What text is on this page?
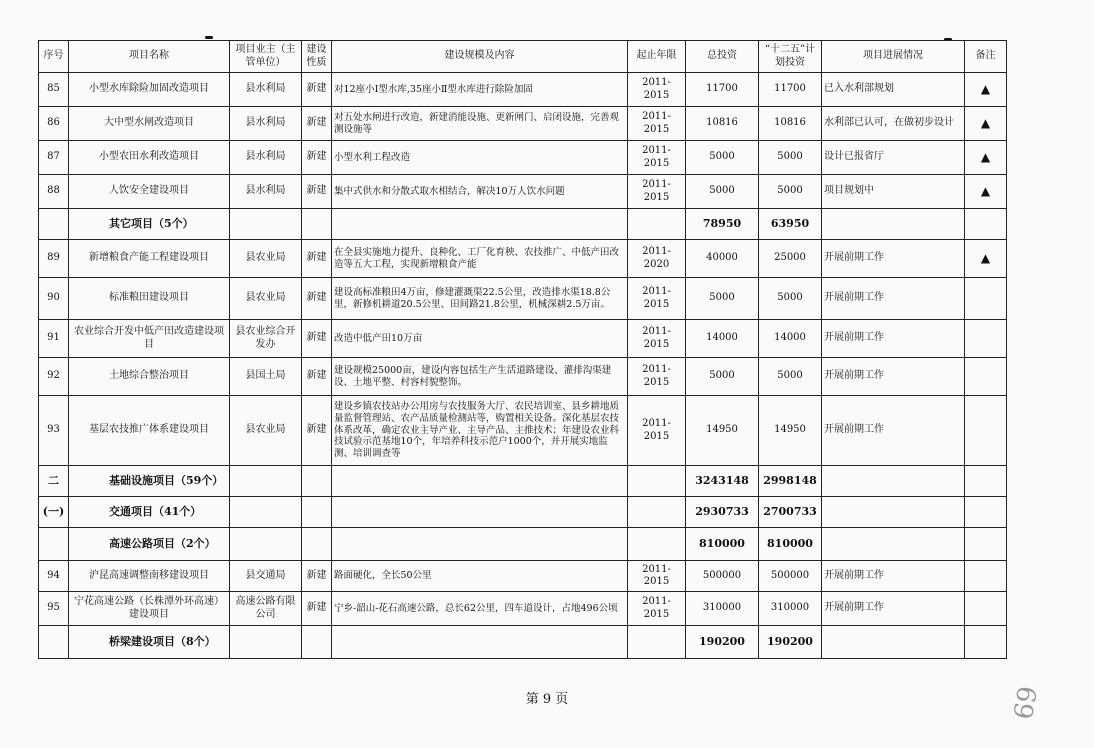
序号	项目名称	项目业主（主管单位）	建设性质	建设规模及内容	起止年限	总投资	“十二五”计划投资	项目进展情况	备注
85	小型水库除险加固改造项目	县水利局	新建	对12座小Ⅰ型水库,35座小Ⅱ型水库进行除险加固	2011-2015	11700	11700	已入水利部规划	▲
86	大中型水闸改造项目	县水利局	新建	对五处水闸进行改造，新建消能设施、更新闸门、启闭设施，完善观测设施等	2011-2015	10816	10816	水利部已认可，在做初步设计	▲
87	小型农田水利改造项目	县水利局	新建	小型水利工程改造	2011-2015	5000	5000	设计已报省厅	▲
88	人饮安全建设项目	县水利局	新建	集中式供水和分散式取水相结合，解决10万人饮水问题	2011-2015	5000	5000	项目规划中	▲
	其它项目（5个）					78950	63950		
89	新增粮食产能工程建设项目	县农业局	新建	在全县实施地力提升、良种化、工厂化育秧、农技推广、中低产田改造等五大工程，实现新增粮食产能	2011-2020	40000	25000	开展前期工作	▲
90	标准粮田建设项目	县农业局	新建	建设高标准粮田4万亩，修建灌溉渠22.5公里，改造排水渠18.8公里，新修机耕道20.5公里、田间路21.8公里，机械深耕2.5万亩。	2011-2015	5000	5000	开展前期工作	
91	农业综合开发中低产田改造建设项目	县农业综合开发办	新建	改造中低产田10万亩	2011-2015	14000	14000	开展前期工作	
92	土地综合整治项目	县国土局	新建	建设规模25000亩，建设内容包括生产生活道路建设、灌排沟渠建设、土地平整、村容村貌整饰。	2011-2015	5000	5000	开展前期工作	
93	基层农技推广体系建设项目	县农业局	新建	建设乡镇农技站办公用房与农技服务大厅、农民培训室、县乡耕地质量监督管理站、农产品质量检测站等，购置相关设备。深化基层农技体系改革，确定农业主导产业、主导产品、主推技术；年建设农业科技试验示范基地10个，年培养科技示范户1000个，并开展实地监测、培训调查等	2011-2015	14950	14950	开展前期工作	
二	基础设施项目（59个）					3243148	2998148		
(一)	交通项目（41个）					2930733	2700733		
	高速公路项目（2个）					810000	810000		
94	沪昆高速调整南移建设项目	县交通局	新建	路面硬化，全长50公里	2011-2015	500000	500000	开展前期工作	
95	宁花高速公路（长株潭外环高速）建设项目	高速公路有限公司	新建	宁乡-韶山-花石高速公路，总长62公里，四车道设计，占地496公顷	2011-2015	310000	310000	开展前期工作	
	桥梁建设项目（8个）					190200	190200		
第 9 页	69
